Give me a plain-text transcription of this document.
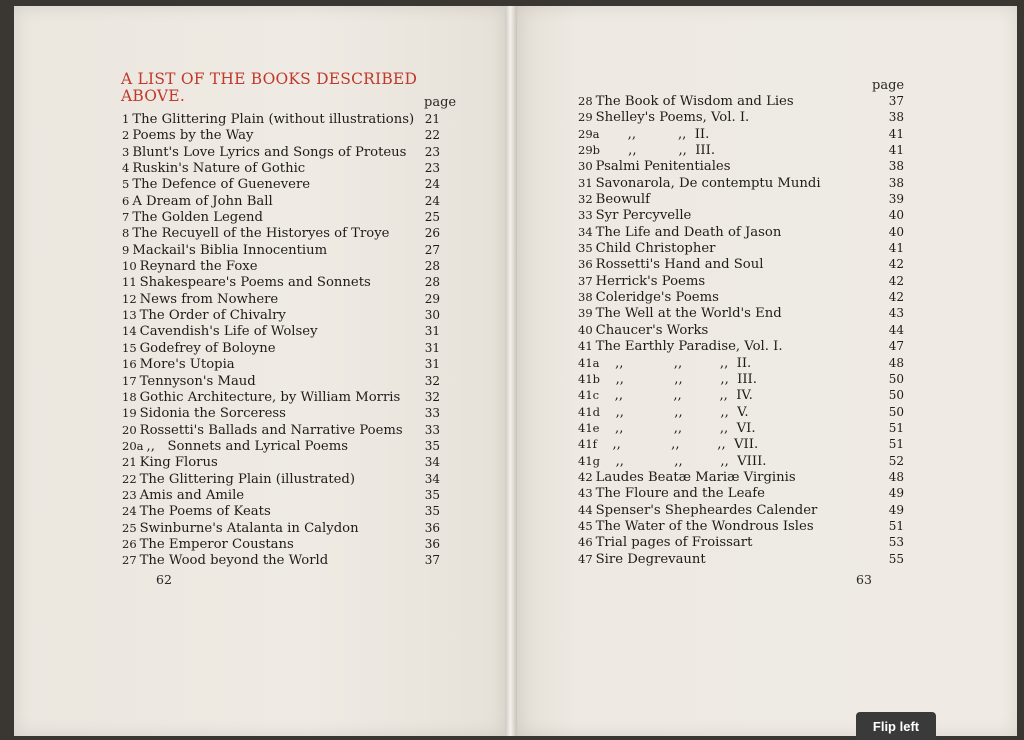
A LIST OF THE BOOKS DESCRIBED
ABOVE.	page
1 The Glittering Plain (without illustrations) 21
2 Poems by the Way	22
3 Blunt's Love Lyrics and Songs of Proteus 23
4 Ruskin's Nature of Gothic	23
5 The Defence of Guenevere	24
6 A Dream of John Ball	24
7 The Golden Legend	25
8 The Recuyell of the Historyes of Troye	26
9 Mackail's Biblia Innocentium	27
10 Reynard the Foxe	28
11 Shakespeare's Poems and Sonnets	28
12 News from Nowhere	29
13 The Order of Chivalry	30
14 Cavendish's Life of Wolsey	31
15 Godefrey of Boloyne	31
16 More's Utopia	31
17 Tennyson's Maud	32
18 Gothic Architecture, by William Morris 32
19 Sidonia the Sorceress	33
20 Rossetti's Ballads and Narrative Poems 33
20a ,,   Sonnets and Lyrical Poems	35
21 King Florus	34
22 The Glittering Plain (illustrated)	34
23 Amis and Amile	35
24 The Poems of Keats	35
25 Swinburne's Atalanta in Calydon	36
26 The Emperor Coustans	36
27 The Wood beyond the World	37
62
page
28 The Book of Wisdom and Lies	37
29 Shelley's Poems, Vol. I.	38
29a      ,,          ,,  II.	41
29b      ,,          ,,  III.	41
30 Psalmi Penitentiales	38
31 Savonarola, De contemptu Mundi	38
32 Beowulf	39
33 Syr Percyvelle	40
34 The Life and Death of Jason	40
35 Child Christopher	41
36 Rossetti's Hand and Soul	42
37 Herrick's Poems	42
38 Coleridge's Poems	42
39 The Well at the World's End	43
40 Chaucer's Works	44
41 The Earthly Paradise, Vol. I.	47
41a   ,,            ,,         ,,  II.	48
41b   ,,            ,,         ,,  III.	50
41c   ,,            ,,         ,,  IV.	50
41d   ,,            ,,         ,,  V.	50
41e   ,,            ,,         ,,  VI.	51
41f   ,,            ,,         ,,  VII.	51
41g   ,,            ,,         ,,  VIII.	52
42 Laudes Beatæ Mariæ Virginis	48
43 The Floure and the Leafe	49
44 Spenser's Shepheardes Calender	49
45 The Water of the Wondrous Isles	51
46 Trial pages of Froissart	53
47 Sire Degrevaunt	55
63
Flip left
